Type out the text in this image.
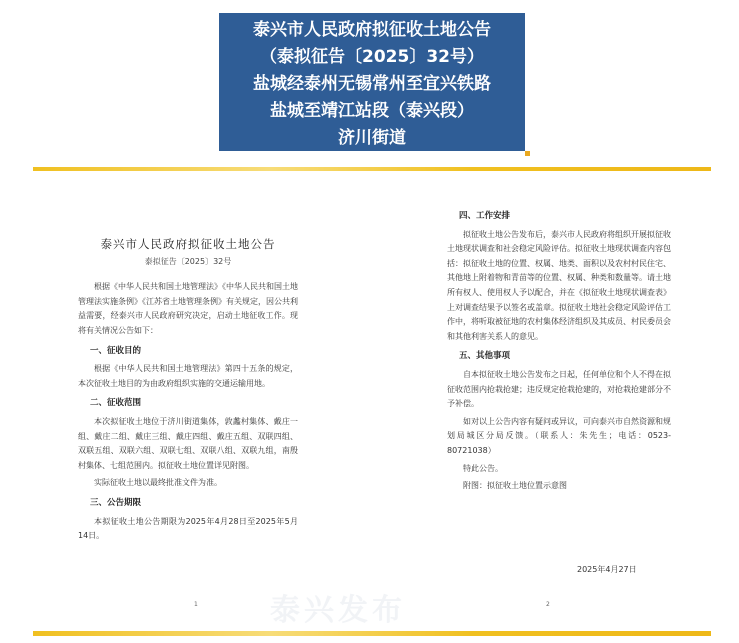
泰兴市人民政府拟征收土地公告
（泰拟征告〔2025〕32号）
盐城经泰州无锡常州至宜兴铁路
盐城至靖江站段（泰兴段）
济川街道
泰兴市人民政府拟征收土地公告
泰拟征告〔2025〕32号

根据《中华人民共和国土地管理法》《中华人民共和国土地管理法实施条例》《江苏省土地管理条例》有关规定，因公共利益需要，经泰兴市人民政府研究决定，启动土地征收工作。现将有关情况公告如下：

一、征收目的

根据《中华人民共和国土地管理法》第四十五条的规定，本次征收土地目的为由政府组织实施的交通运输用地。

二、征收范围

本次拟征收土地位于济川街道集体，敦蠡村集体、戴庄一组、戴庄二组、戴庄三组、戴庄四组、戴庄五组、双联四组、双联五组、双联六组、双联七组、双联八组、双联九组，南殷村集体、七组范围内。拟征收土地位置详见附图。

实际征收土地以最终批准文件为准。

三、公告期限

本拟征收土地公告期限为2025年4月28日至2025年5月14日。

1
四、工作安排

拟征收土地公告发布后，泰兴市人民政府将组织开展拟征收土地现状调查和社会稳定风险评估。拟征收土地现状调查内容包括：拟征收土地的位置、权属、地类、面积以及农村村民住宅、其他地上附着物和青苗等的位置、权属、种类和数量等。请土地所有权人、使用权人予以配合，并在《拟征收土地现状调查表》上对调查结果予以签名或盖章。拟征收土地社会稳定风险评估工作中，将听取被征地的农村集体经济组织及其成员、村民委员会和其他利害关系人的意见。

五、其他事项

自本拟征收土地公告发布之日起，任何单位和个人不得在拟征收范围内抢栽抢建；违反规定抢栽抢建的，对抢栽抢建部分不予补偿。

如对以上公告内容有疑问或异议，可向泰兴市自然资源和规划局城区分局反馈。（联系人：朱先生；电话：0523-80721038）

特此公告。

附图：拟征收土地位置示意图

2025年4月27日
2
泰兴发布
